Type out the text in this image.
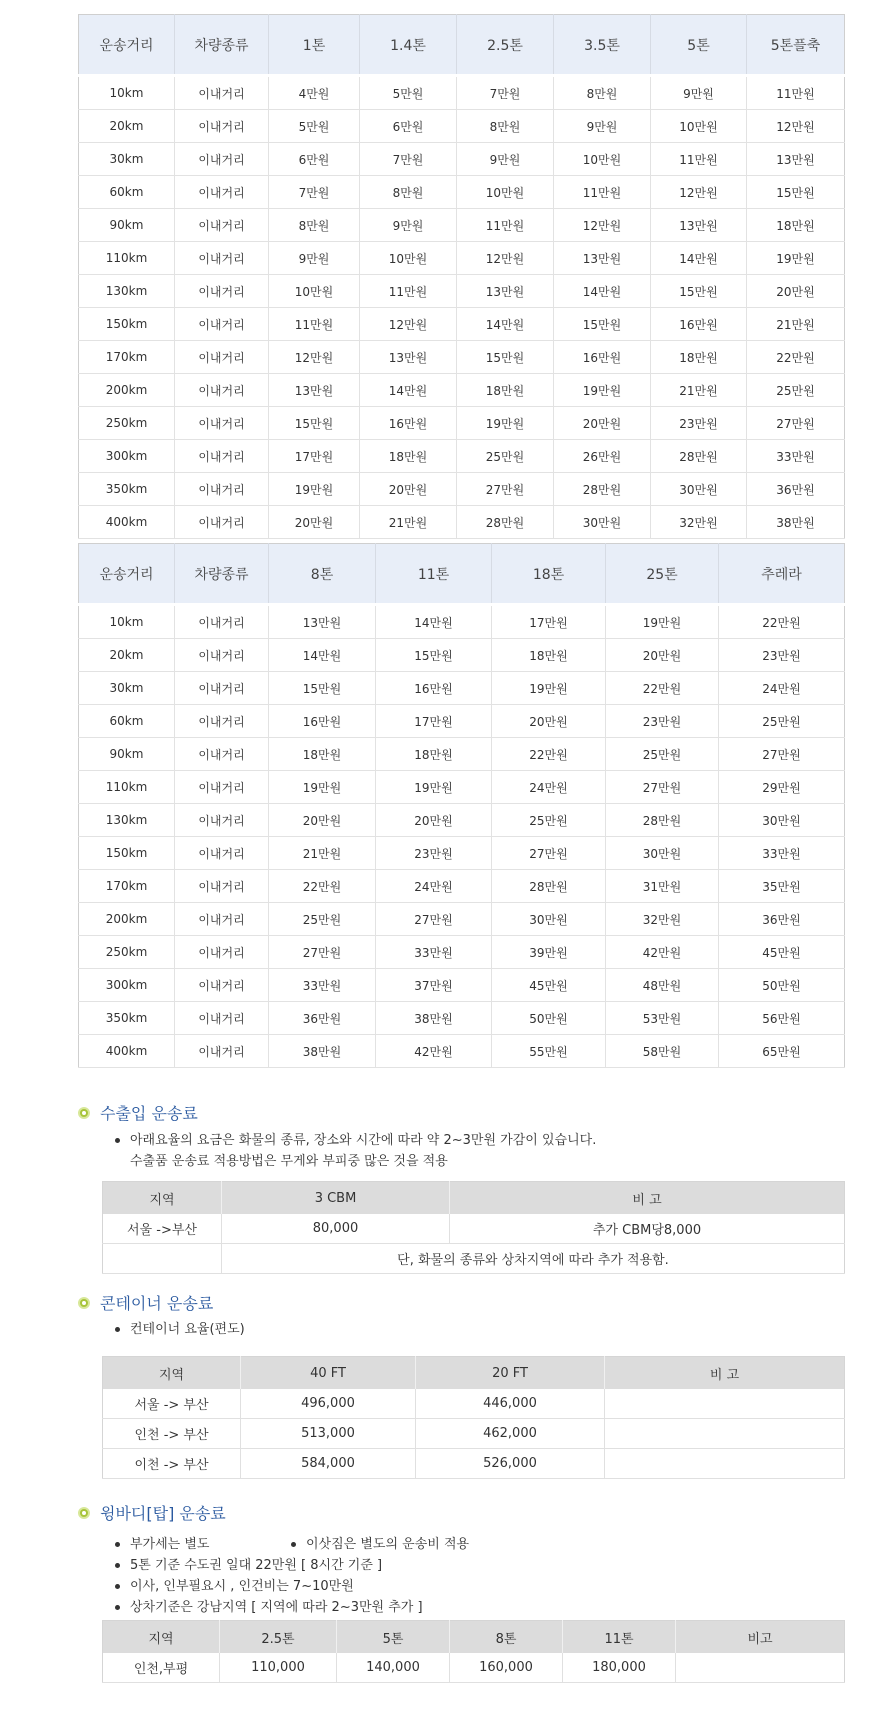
운송거리	차량종류	1톤	1.4톤	2.5톤	3.5톤	5톤	5톤플축
10km	이내거리	4만원	5만원	7만원	8만원	9만원	11만원
20km	이내거리	5만원	6만원	8만원	9만원	10만원	12만원
30km	이내거리	6만원	7만원	9만원	10만원	11만원	13만원
60km	이내거리	7만원	8만원	10만원	11만원	12만원	15만원
90km	이내거리	8만원	9만원	11만원	12만원	13만원	18만원
110km	이내거리	9만원	10만원	12만원	13만원	14만원	19만원
130km	이내거리	10만원	11만원	13만원	14만원	15만원	20만원
150km	이내거리	11만원	12만원	14만원	15만원	16만원	21만원
170km	이내거리	12만원	13만원	15만원	16만원	18만원	22만원
200km	이내거리	13만원	14만원	18만원	19만원	21만원	25만원
250km	이내거리	15만원	16만원	19만원	20만원	23만원	27만원
300km	이내거리	17만원	18만원	25만원	26만원	28만원	33만원
350km	이내거리	19만원	20만원	27만원	28만원	30만원	36만원
400km	이내거리	20만원	21만원	28만원	30만원	32만원	38만원
운송거리	차량종류	8톤	11톤	18톤	25톤	추레라
10km	이내거리	13만원	14만원	17만원	19만원	22만원
20km	이내거리	14만원	15만원	18만원	20만원	23만원
30km	이내거리	15만원	16만원	19만원	22만원	24만원
60km	이내거리	16만원	17만원	20만원	23만원	25만원
90km	이내거리	18만원	18만원	22만원	25만원	27만원
110km	이내거리	19만원	19만원	24만원	27만원	29만원
130km	이내거리	20만원	20만원	25만원	28만원	30만원
150km	이내거리	21만원	23만원	27만원	30만원	33만원
170km	이내거리	22만원	24만원	28만원	31만원	35만원
200km	이내거리	25만원	27만원	30만원	32만원	36만원
250km	이내거리	27만원	33만원	39만원	42만원	45만원
300km	이내거리	33만원	37만원	45만원	48만원	50만원
350km	이내거리	36만원	38만원	50만원	53만원	56만원
400km	이내거리	38만원	42만원	55만원	58만원	65만원
수출입 운송료
아래요율의 요금은 화물의 종류, 장소와 시간에 따라 약 2~3만원 가감이 있습니다.
수출품 운송료 적용방법은 무게와 부피중 많은 것을 적용
지역	3 CBM	비 고
서울 ->부산	80,000	추가 CBM당8,000
	단, 화물의 종류와 상차지역에 따라 추가 적용함.	
콘테이너 운송료
컨테이너 요율(편도)
지역	40 FT	20 FT	비 고
서울 -> 부산	496,000	446,000	
인천 -> 부산	513,000	462,000	
이천 -> 부산	584,000	526,000	
윙바디[탑] 운송료
부가세는 별도	이삿짐은 별도의 운송비 적용
5톤 기준 수도권 일대 22만원 [ 8시간 기준 ]
이사, 인부필요시 , 인건비는 7~10만원
상차기준은 강남지역 [ 지역에 따라 2~3만원 추가 ]
지역	2.5톤	5톤	8톤	11톤	비고
인천,부평	110,000	140,000	160,000	180,000	
